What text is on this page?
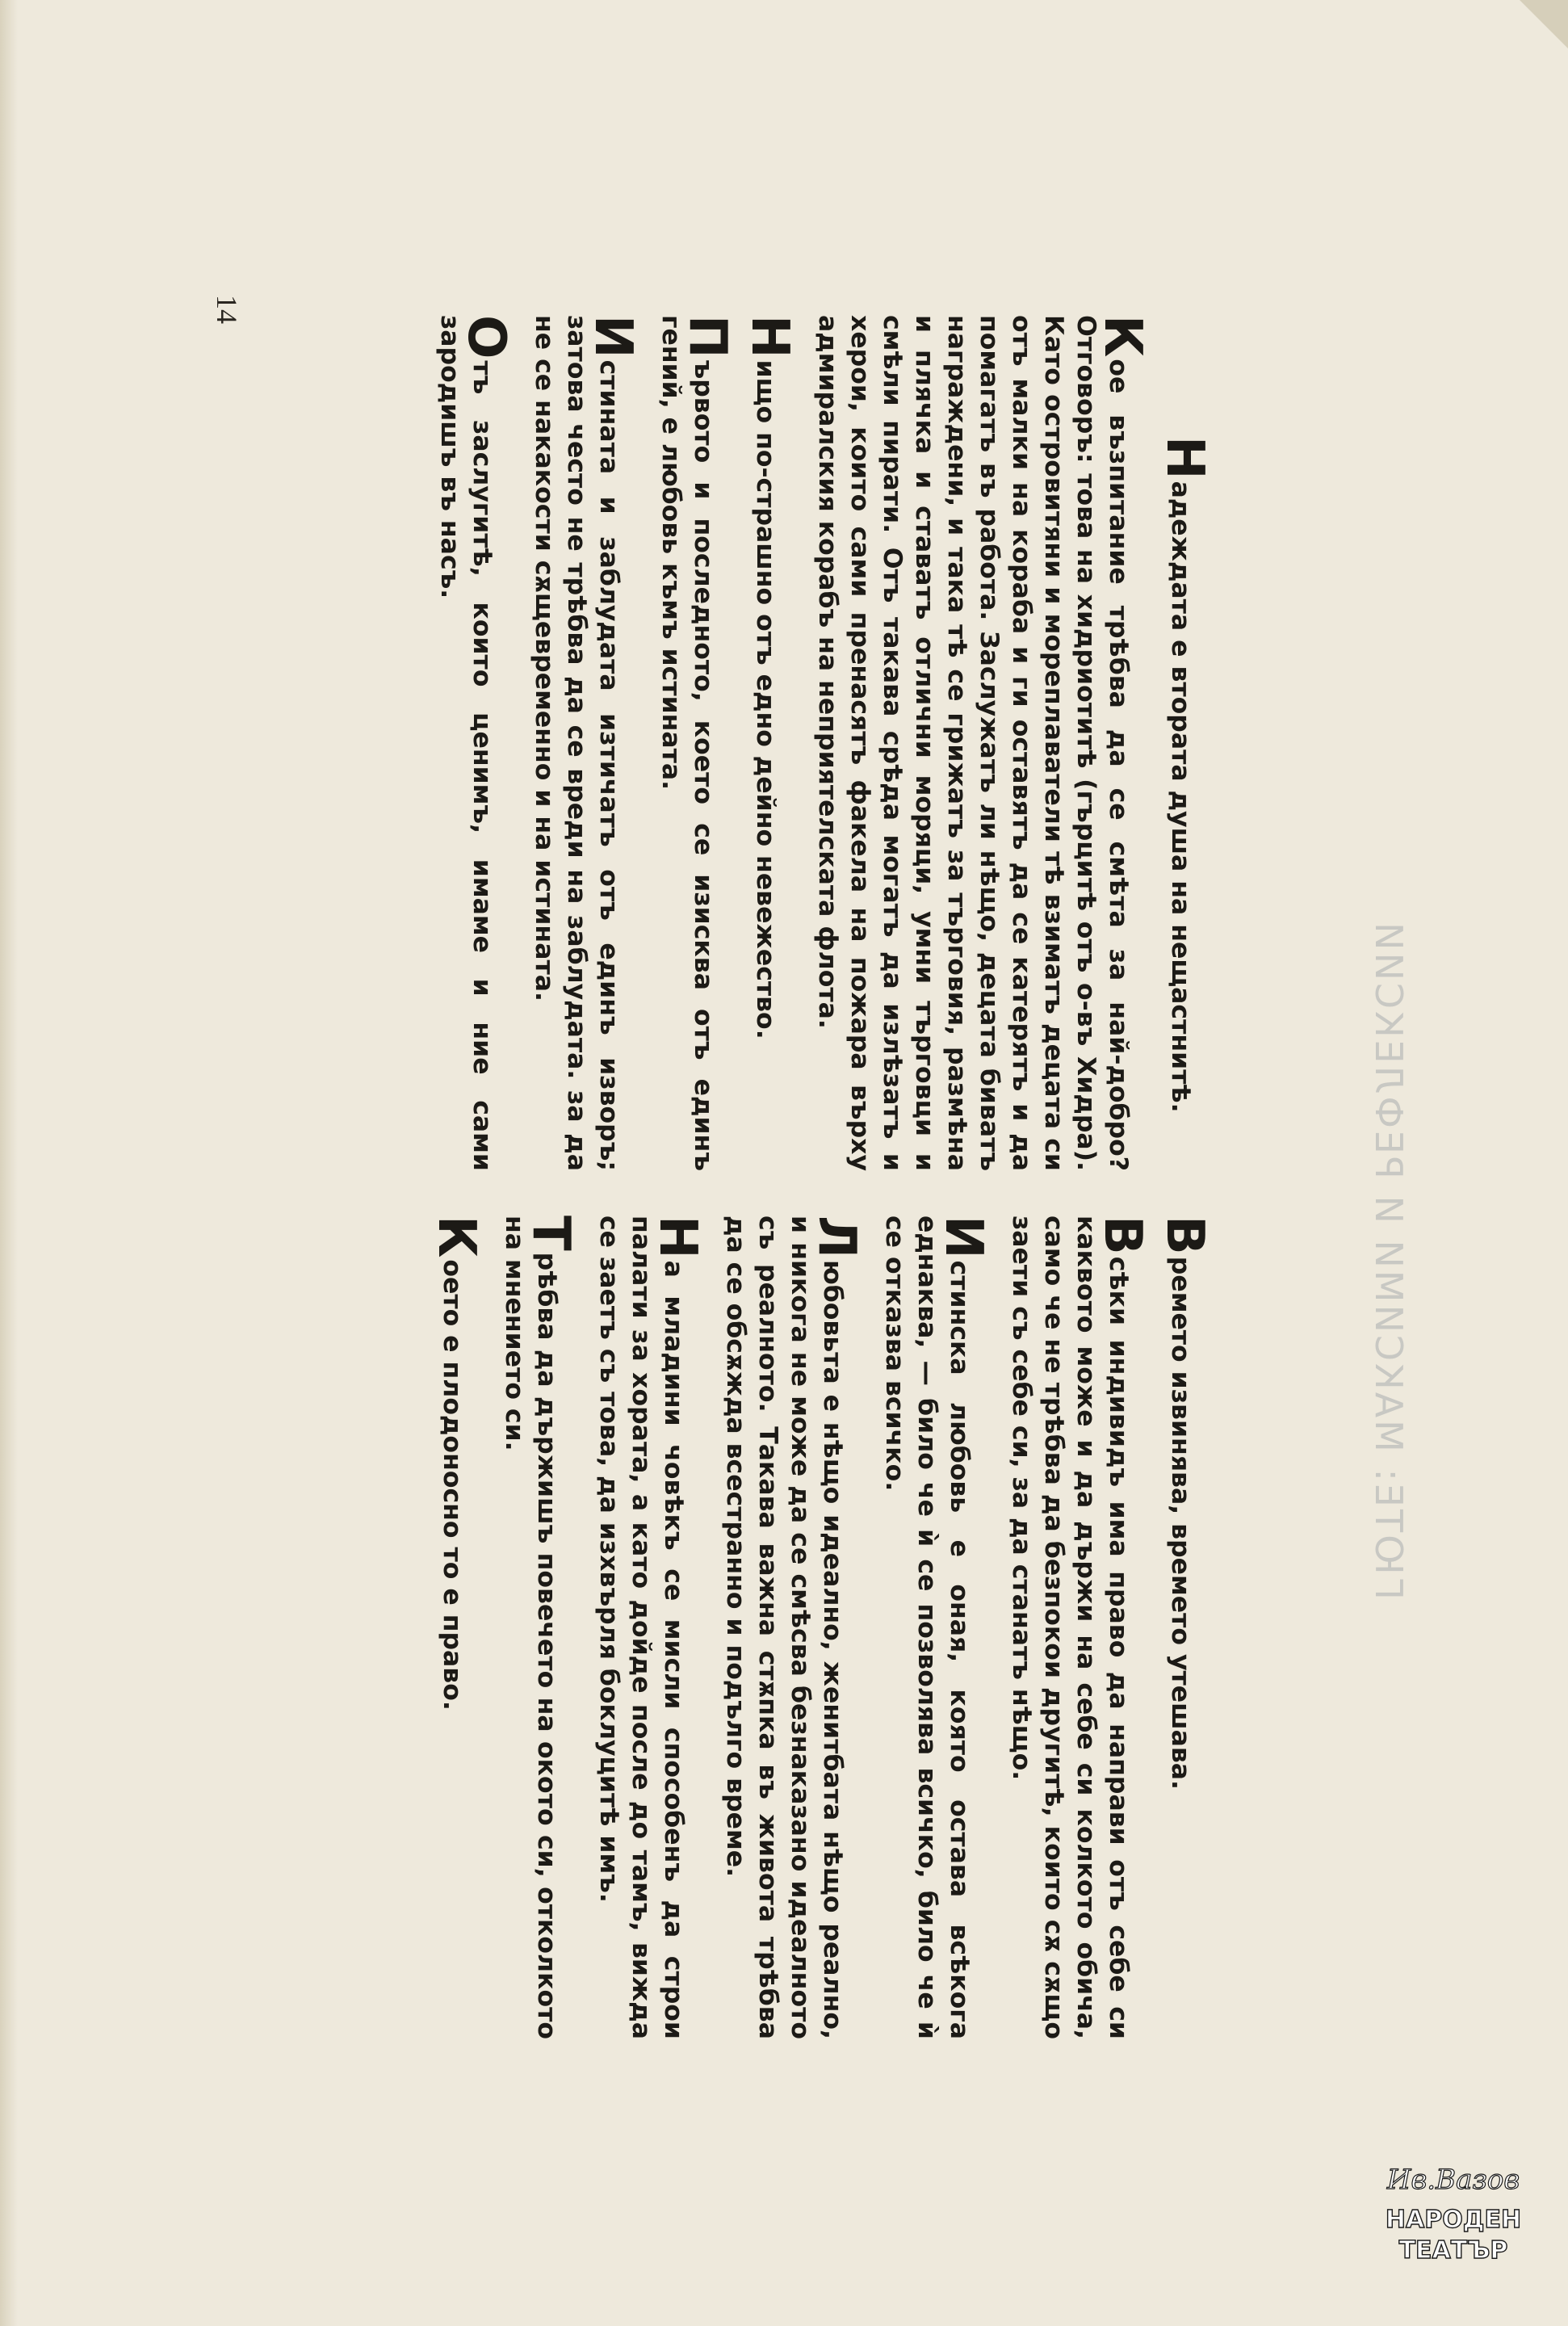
ГЮТЕ: МАКСИМИ И РЕФЛЕКСИИ

Надеждата е втората душа на нещастнитѣ.

Кое възпитание трѣбва да се смѣта за най-добро? Отговоръ: това на хидриотитѣ (гърцитѣ отъ о-въ Хидра). Като островитяни и мореплаватели тѣ взиматъ децата си отъ малки на кораба и ги оставятъ да се катерятъ и да помагатъ въ работа. Заслужатъ ли нѣщо, децата биватъ награждени, и така тѣ се грижатъ за търговия, размѣна и плячка и ставатъ отлични моряци, умни търговци и смѣли пирати. Отъ такава срѣда могатъ да излѣзатъ и херои, които сами пренасятъ факела на пожара върху адмиралския корабъ на неприятелската флота.

Нищо по-страшно отъ едно дейно невежество.

Първото и последното, което се изисква отъ единъ гений, е любовь къмъ истината.

Истината и заблудата изтичатъ отъ единъ изворъ; затова често не трѣбва да се вреди на заблудата. за да не се накакости сѫщевременно и на истината.

Отъ заслугитѣ, които ценимъ, имаме и ние сами зародишъ въ насъ.

Времето извинява, времето утешава.

Всѣки индивидъ има право да направи отъ себе си каквото може и да държи на себе си колкото обича, само че не трѣбва да безпокои другитѣ, които сѫ сѫщо заети съ себе си, за да станатъ нѣщо.

Истинска любовь е оная, която остава всѣкога еднаква, — било че ѝ се позволява всичко, било че ѝ се отказва всичко.

Любовьта е нѣщо идеално, женитбата нѣщо реално, и никога не може да се смѣсва безнаказано идеалното съ реалното. Такава важна стѫпка въ живота трѣбва да се обсѫжда всестранно и подълго време.

На младини човѣкъ се мисли способенъ да строи палати за хората, а като дойде после до тамъ, вижда се заетъ съ това, да изхвърля боклуцитѣ имъ.

Трѣбва да държишъ повечето на окото си, отколкото на мнението си.

Което е плодоносно то е право.

14
Ив.Вазов
НАРОДЕН
ТЕАТЪР
